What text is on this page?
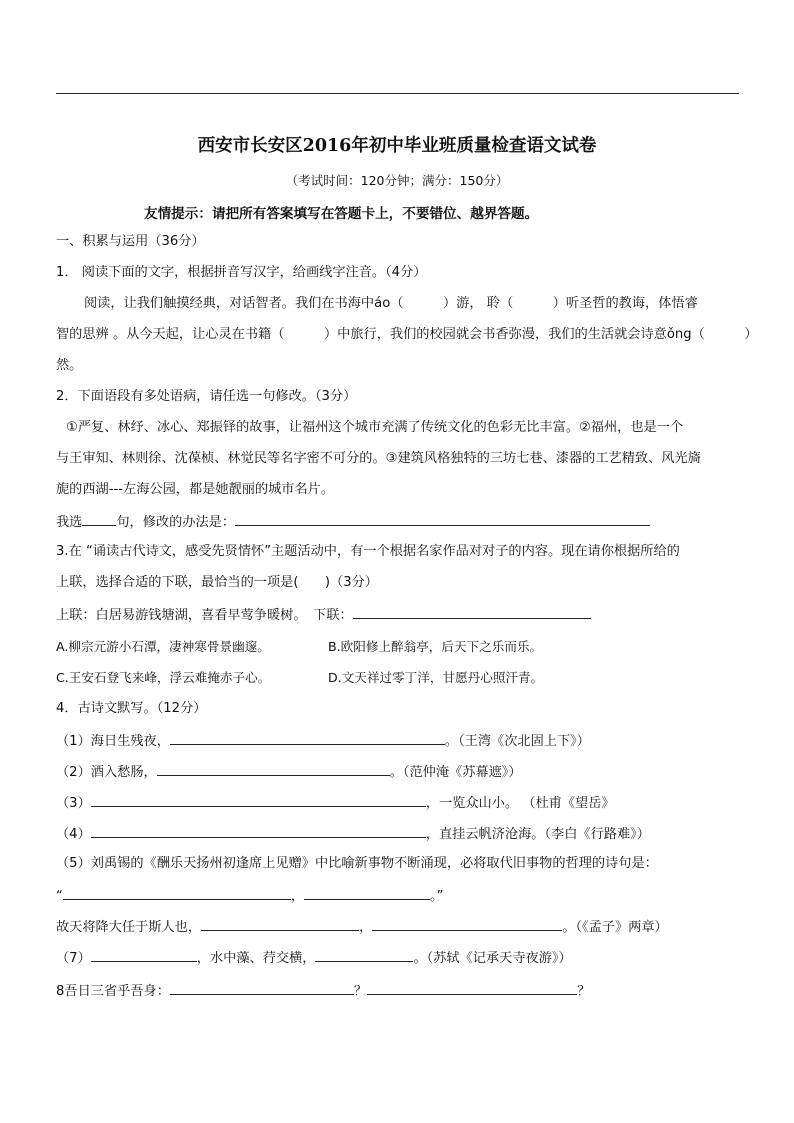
西安市长安区2016年初中毕业班质量检查语文试卷
（考试时间：120分钟；满分：150分）
友情提示：请把所有答案填写在答题卡上，不要错位、越界答题。
一、积累与运用（36分）
1． 阅读下面的文字，根据拼音写汉字，给画线字注音。（4分）
阅读，让我们触摸经典，对话智者。我们在书海中áo（　　　）游， 聆（　　　）听圣哲的教诲，体悟睿
智的思辨 。从今天起，让心灵在书籍（　　　）中旅行，我们的校园就会书香弥漫，我们的生活就会诗意ǒng（　　　）
然。
2．下面语段有多处语病，请任选一句修改。（3分）
①严复、林纾、冰心、郑振铎的故事，让福州这个城市充满了传统文化的色彩无比丰富。②福州，也是一个
与王审知、林则徐、沈葆桢、林觉民等名字密不可分的。③建筑风格独特的三坊七巷、漆器的工艺精致、风光旖
旎的西湖---左海公园，都是她靓丽的城市名片。
我选	句，修改的办法是：
3.在 “诵读古代诗文，感受先贤情怀”主题活动中，有一个根据名家作品对对子的内容。现在请你根据所给的
上联，选择合适的下联，最恰当的一项是(　　)（3分）
上联：白居易游钱塘湖，喜看早莺争暖树。　下联：
A.柳宗元游小石潭，凄神寒骨景幽邃。	B.欧阳修上醉翁亭，后天下之乐而乐。
C.王安石登飞来峰，浮云难掩赤子心。	D.文天祥过零丁洋，甘愿丹心照汗青。
4．古诗文默写。（12分）
（1）海日生残夜，	。（王湾《次北固上下》）
（2）酒入愁肠，	。（范仲淹《苏幕遮》）
（3）	，一览众山小。 （杜甫《望岳》
（4）	，直挂云帆济沧海。（李白《行路难》）
（5）刘禹锡的《酬乐天扬州初逢席上见赠》中比喻新事物不断涌现，必将取代旧事物的哲理的诗句是：
“	，	。”
故天将降大任于斯人也，	，	。（《孟子》两章）
（7）	，水中藻、荇交横，	。（苏轼《记承天寺夜游》）
8吾日三省乎吾身：	？	？
